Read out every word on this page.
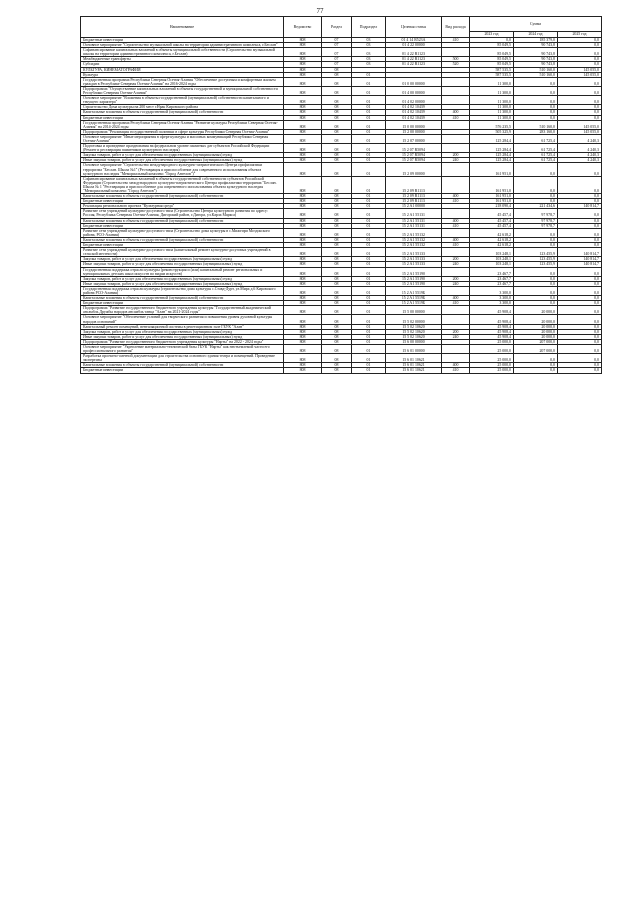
77
Наименование	Ведомство	Раздел	Подраздел	Целевая статья	Вид расхода	Сумма		
						2023 год	2024 год	2025 год
Бюджетные инвестиции	808	07	03	01 4 14 R523А	410	0,0	185 379,0	0,0
Основное мероприятие "Строительство музыкальной школы на территории административного комплекса, г.Беслан"	808	07	03	01 4 22 00000		85 049,5	90 743,8	0,0
Софинансирование капитальных вложений в объекты муниципальной собственности (Строительство музыкальной школы на территории административного комплекса, г.Беслан)	808	07	03	01 4 22 R1123		85 049,5	90 743,8	0,0
Межбюджетные трансферты	808	07	03	01 4 22 R1123	500	85 049,5	90 743,8	0,0
Субсидии	808	07	03	01 4 22 R1123	520	85 049,5	90 743,8	0,0
КУЛЬТУРА, КИНЕМАТОГРАФИЯ	808	08				587 535,5	510 160,0	145 055,0
Культура	808	08	01			587 535,5	510 160,0	145 055,0
Государственная программа Республики Северная Осетия-Алания "Обеспечение доступным и комфортным жильем граждан в Республике Северная Осетия-Алания" на 2016-2024 годы	808	08	01	01 0 00 00000		11 300,0	0,0	0,0
Подпрограмма "Осуществление капитальных вложений в объекты государственной и муниципальной собственности Республики Северная Осетия-Алания"	808	08	01	01 4 00 00000		11 300,0	0,0	0,0
Основное мероприятие "Вложения в объекты государственной (муниципальной) собственности капитального и текущего характера"	808	08	01	01 4 02 00000		11 300,0	0,0	0,0
Строительство Дома культуры на 200 мест г.Нрак Кировского района	808	08	01	01 4 02 10439		11 300,0	0,0	0,0
Капитальные вложения в объекты государственной (муниципальной) собственности	808	08	01	01 4 02 10439	400	11 300,0	0,0	0,0
Бюджетные инвестиции	808	08	01	01 4 02 10439	410	11 300,0	0,0	0,0
Государственная программа Республики Северная Осетия-Алания "Развитие культуры Республики Северная Осетия-Алания" на 2014-2024 годы	808	08	01	15 0 00 00000		576 235,5	510 160,0	145 055,0
Подпрограмма "Реализация государственной политики в сфере культуры Республики Северная Осетия-Алания"	808	08	01	15 2 00 00000		505 325,9	283 160,0	145 055,0
Основное мероприятие "Иные мероприятия в сфере культуры и массовых коммуникаций Республики Северная Осетия-Алания"	808	08	01	15 2 07 00000		125 284,4	61 725,4	4 240,3
Подготовка и проведение празднования на федеральном уровне памятных дат субъектов Российской Федерации (Ремонт и реставрация памятников культурного наследия)	808	08	01	15 2 07 R5094		125 284,4	61 725,4	4 240,3
Закупка товаров, работ и услуг для обеспечения государственных (муниципальных) нужд	808	08	01	15 2 07 R5094	200	125 284,4	61 725,4	4 240,3
Иные закупки товаров, работ и услуг для обеспечения государственных (муниципальных) нужд	808	08	01	15 2 07 R5094	240	125 284,4	61 725,4	4 240,3
Основное мероприятие "Строительство международного культурно-патриотического Центра профилактики терроризма "Беслан. Школа №1" (Реставрация и приспособление для современного использования объекта культурного наследия "Мемориальный комплекс "Город Ангелов")"	808	08	01	15 2 09 00000		161 951,0	0,0	0,0
Софинансирование капитальных вложений в объекты государственной собственности субъектов Российской Федерации (Строительство международного культурно-патриотического Центра профилактики терроризма "Беслан. Школа № 1 "Реставрация и приспособление для современного использования объекта культурного наследия "Мемориальный комплекс "Город Ангелов")	808	08	01	15 2 09 R1113		161 951,0	0,0	0,0
Капитальные вложения в объекты государственной (муниципальной) собственности	808	08	01	15 2 09 R1113	400	161 951,0	0,0	0,0
Бюджетные инвестиции	808	08	01	15 2 09 R1113	410	161 951,0	0,0	0,0
Реализация регионального проекта "Культурная среда"	808	08	01	15 2 A1 00000		218 090,4	221 434,6	140 814,7
Развитие сети учреждений культурно-досугового типа (Строительство Центра культурного развития по адресу: Россия, Республика Северная Осетия-Алания, Дигорский район, г.Дигора, ул.Карла Маркса)	808	08	01	15 2 A1 55131		45 457,4	97 978,7	0,0
Капитальные вложения в объекты государственной (муниципальной) собственности	808	08	01	15 2 A1 55131	400	45 457,4	97 978,7	0,0
Бюджетные инвестиции	808	08	01	15 2 A1 55131	410	45 457,4	97 978,7	0,0
Развитие сети учреждений культурно-досугового типа (Строительство дома культуры в с.Мижгири Моздокского района, РСО-Алания)	808	08	01	15 2 A1 55132		42 618,2	0,0	0,0
Капитальные вложения в объекты государственной (муниципальной) собственности	808	08	01	15 2 A1 55132	400	42 618,2	0,0	0,0
Бюджетные инвестиции	808	08	01	15 2 A1 55132	410	42 618,2	0,0	0,0
Развитие сети учреждений культурно-досугового типа (капитальный ремонт культурно-досуговых учреждений в сельской местности)	808	08	01	15 2 A1 55133		103 248,1	123 455,9	140 814,7
Закупка товаров, работ и услуг для обеспечения государственных (муниципальных) нужд	808	08	01	15 2 A1 55133	200	103 248,1	123 455,9	140 814,7
Иные закупки товаров, работ и услуг для обеспечения государственных (муниципальных) нужд	808	08	01	15 2 A1 55133	240	103 248,1	123 455,9	140 814,7
Государственная поддержка отрасли культуры (реконструкция и (или) капитальный ремонт региональных и муниципальных детских школ искусств по видам искусств)	808	08	01	15 2 A1 55190		23 467,7	0,0	0,0
Закупка товаров, работ и услуг для обеспечения государственных (муниципальных) нужд	808	08	01	15 2 A1 55190	200	23 467,7	0,0	0,0
Иные закупки товаров, работ и услуг для обеспечения государственных (муниципальных) нужд	808	08	01	15 2 A1 55190	240	23 467,7	0,0	0,0
Государственная поддержка отрасли культуры (строительство дома культуры с.Ставд-Дурт, ул.Мира д.6 Кировского района РСО-Алания)	808	08	01	15 2 A1 5519Б		3 300,0	0,0	0,0
Капитальные вложения в объекты государственной (муниципальной) собственности	808	08	01	15 2 A1 5519Б	400	3 300,0	0,0	0,0
Бюджетные инвестиции	808	08	01	15 2 A1 5519Б	410	3 300,0	0,0	0,0
Подпрограмма "Развитие государственного бюджетного учреждения культуры "Государственный академический ансамбль Дружбы народов ансамбль танца "Алан" на 2021-2024 годы"	808	08	01	15 5 00 00000		45 908,4	20 000,0	0,0
Основное мероприятие "Обеспечение условий для творческого развития и повышения уровня духовной культуры народов оснований"	808	08	01	15 5 02 00000		45 908,4	20 000,0	0,0
Капитальный ремонт помещений, вентиляционной системы в репетиционном зале ГБУК "Алан"	808	08	01	15 5 02 10620		45 908,4	20 000,0	0,0
Закупка товаров, работ и услуг для обеспечения государственных (муниципальных) нужд	808	08	01	15 5 02 10620	200	45 908,4	20 000,0	0,0
Иные закупки товаров, работ и услуг для обеспечения государственных (муниципальных) нужд	808	08	01	15 5 02 10620	240	45 908,4	20 000,0	0,0
Подпрограмма "Развитие государственного бюджетного учреждения культуры "Нарты" на 2022 - 2024 годы"	808	08	01	15 6 00 00000		25 000,0	207 000,0	0,0
Основное мероприятие "Укрепление материально-технической базы ГБУК "Нарты" как неотъемлемой части его профессионального развития"	808	08	01	15 6 01 00000		25 000,0	207 000,0	0,0
Разработка проектно-сметной документации для строительства основного здания театра и помещений. Проведение экспертизы	808	08	01	15 6 01 10621		25 000,0	0,0	0,0
Капитальные вложения в объекты государственной (муниципальной) собственности	808	08	01	15 6 01 10621	400	25 000,0	0,0	0,0
Бюджетные инвестиции	808	08	01	15 6 01 10621	410	25 000,0	0,0	0,0
